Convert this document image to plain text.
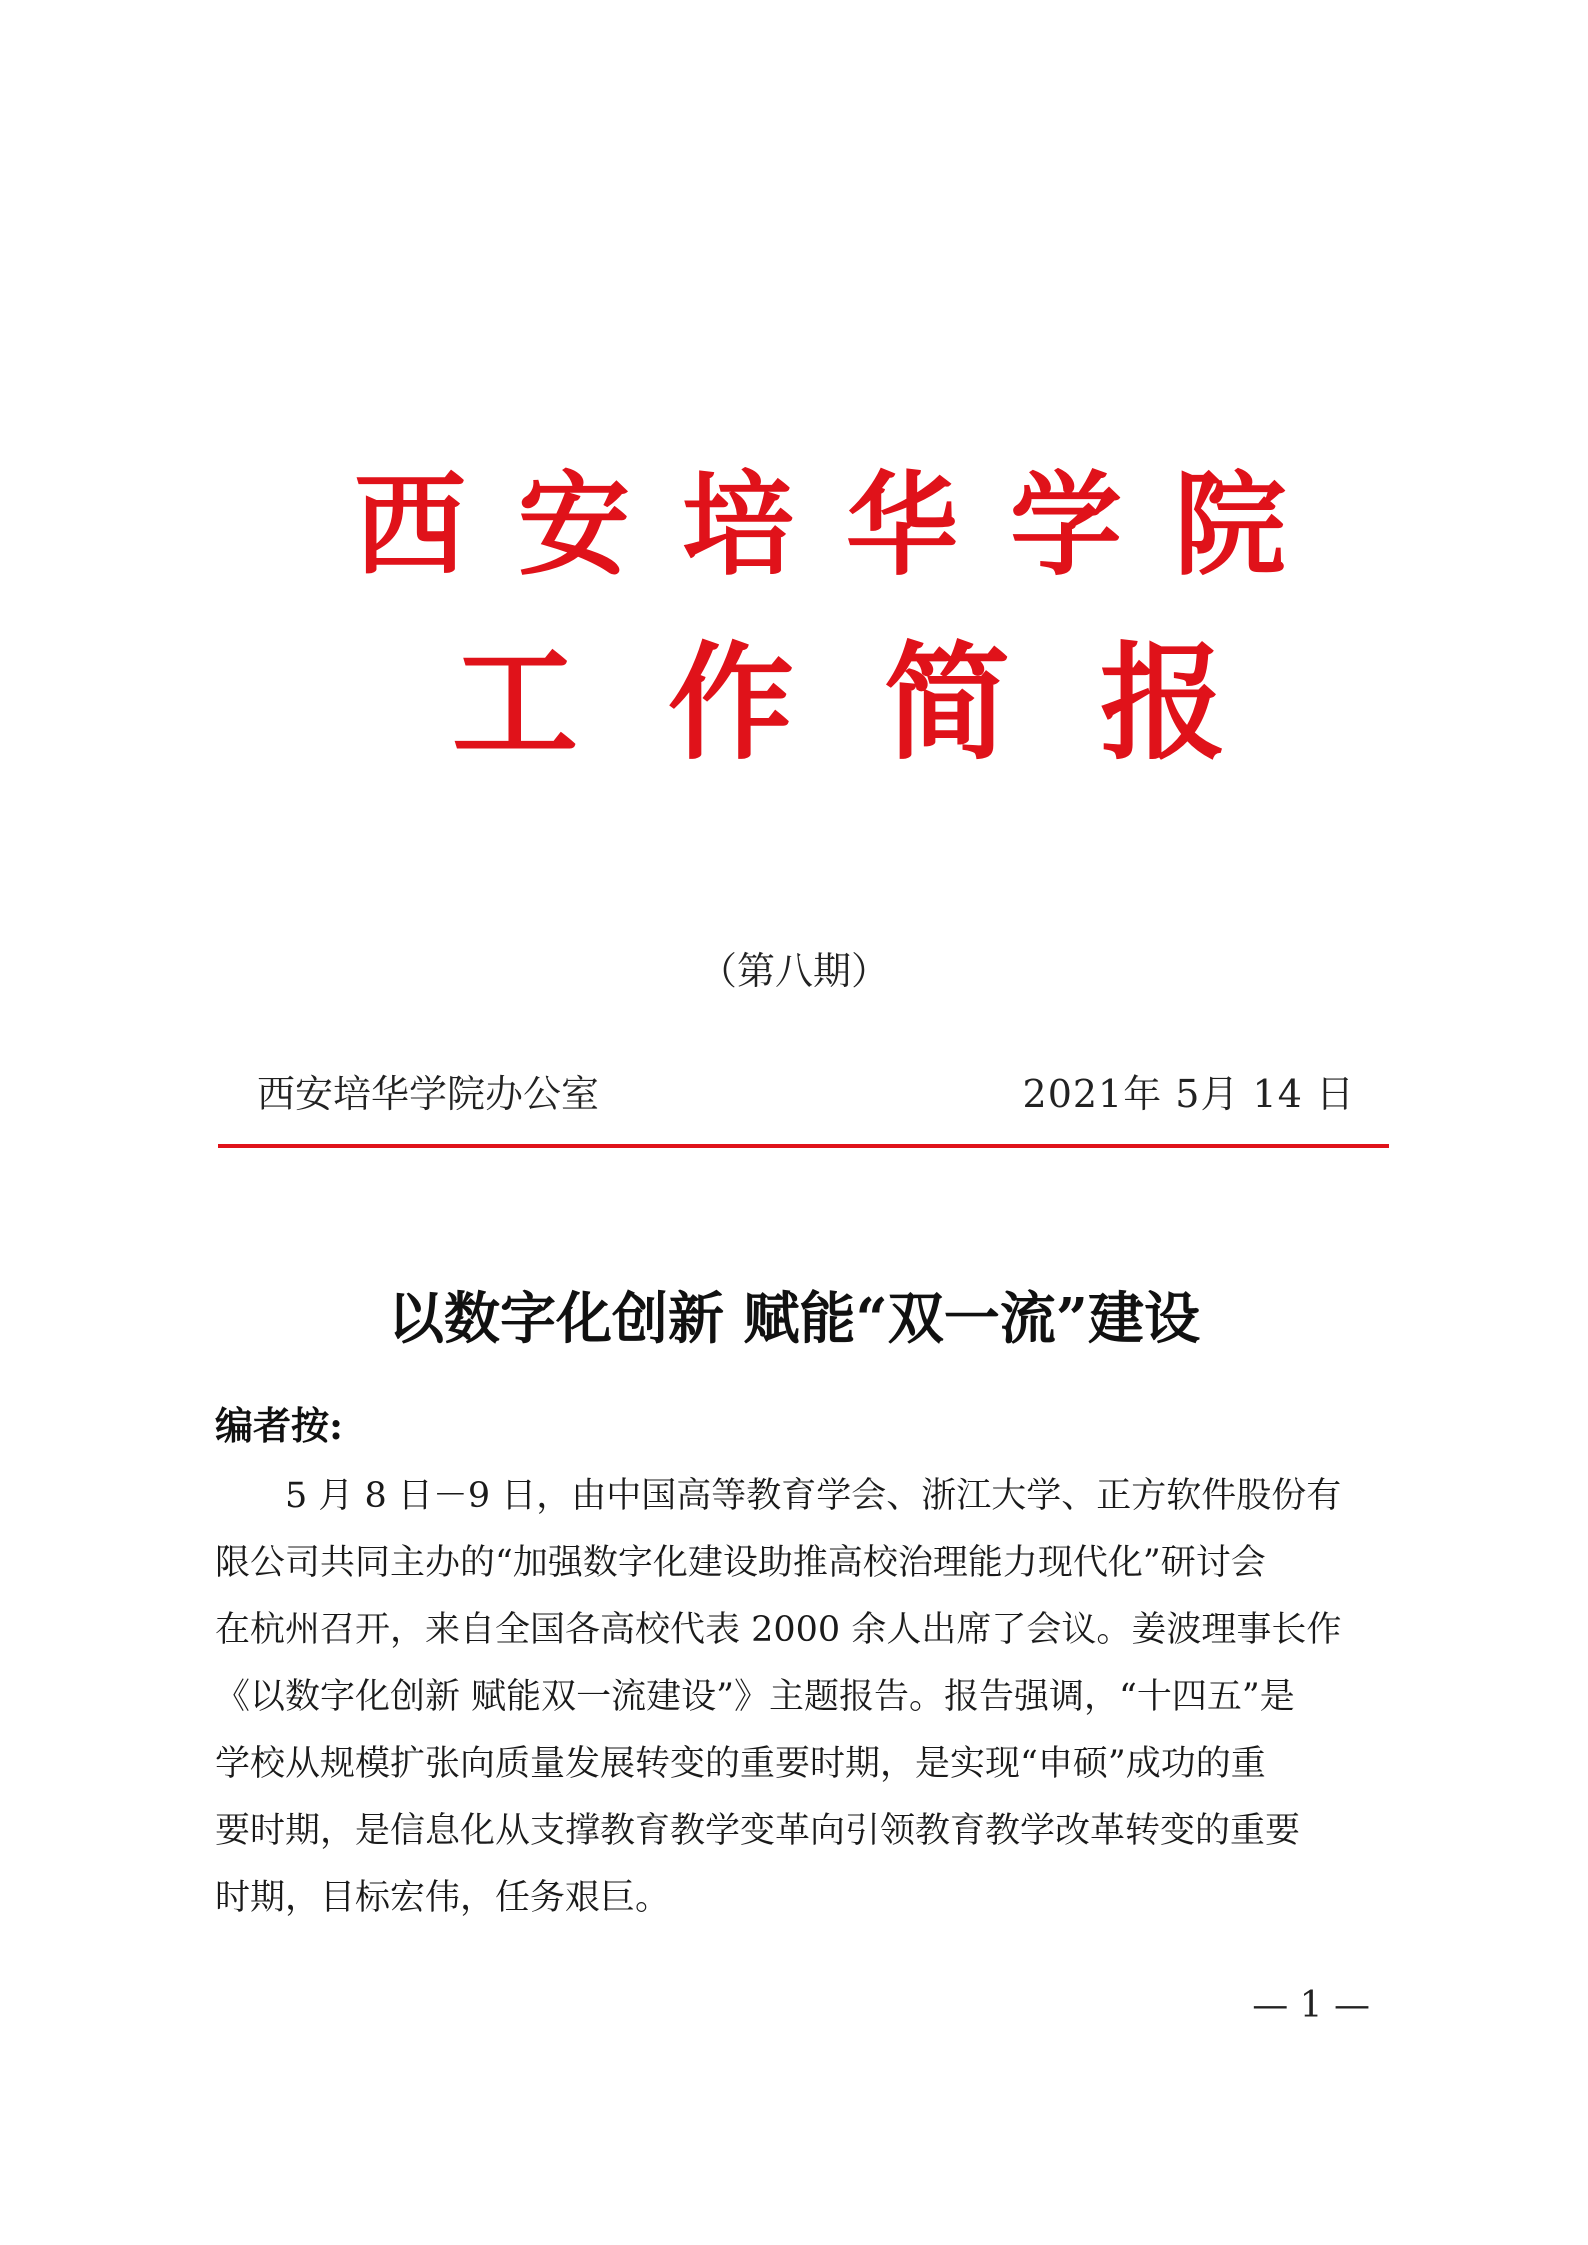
西安培华学院
工作简报
（第八期）
西安培华学院办公室	2021年 5月 14 日
以数字化创新 赋能“双一流”建设
编者按:
5 月 8 日－9 日，由中国高等教育学会、浙江大学、正方软件股份有
限公司共同主办的“加强数字化建设助推高校治理能力现代化”研讨会
在杭州召开，来自全国各高校代表 2000 余人出席了会议。姜波理事长作
《以数字化创新 赋能双一流建设”》主题报告。报告强调，“十四五”是
学校从规模扩张向质量发展转变的重要时期，是实现“申硕”成功的重
要时期，是信息化从支撑教育教学变革向引领教育教学改革转变的重要
时期，目标宏伟，任务艰巨。
— 1 —
